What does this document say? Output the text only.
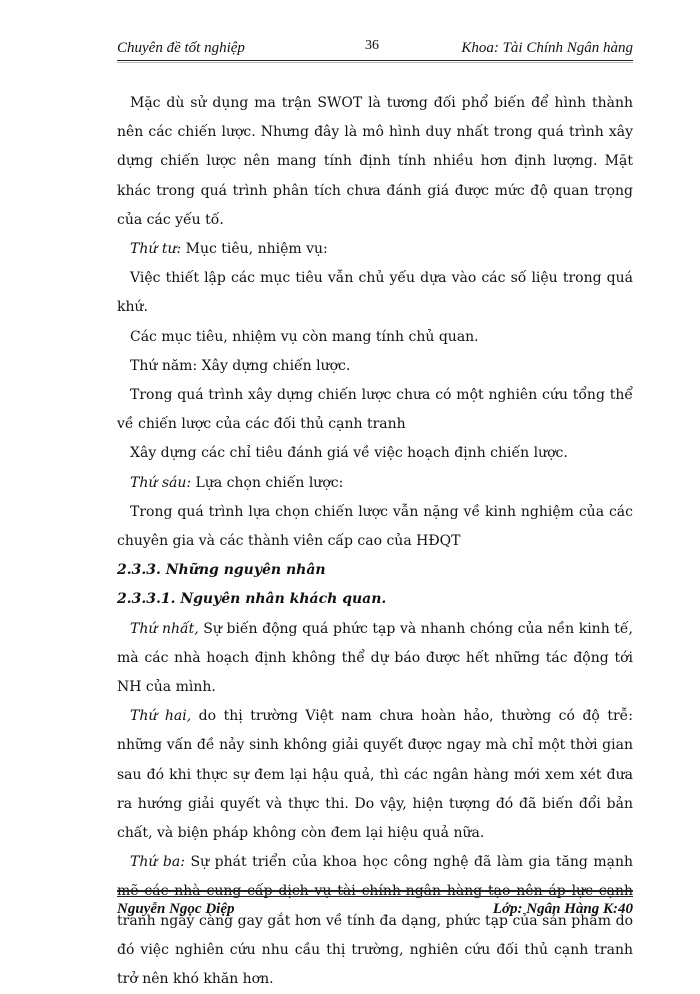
Chuyên đề tốt nghiệp	36	Khoa: Tài Chính Ngân hàng

Mặc dù sử dụng ma trận SWOT là tương đối phổ biến để hình thành nên các chiến lược. Nhưng đây là mô hình duy nhất trong quá trình xây dựng chiến lược nên mang tính định tính nhiều hơn định lượng. Mặt khác trong quá trình phân tích chưa đánh giá được mức độ quan trọng của các yếu tố.

Thứ tư: Mục tiêu, nhiệm vụ:

Việc thiết lập các mục tiêu vẫn chủ yếu dựa vào các số liệu trong quá khứ.

Các mục tiêu, nhiệm vụ còn mang tính chủ quan.

Thứ năm: Xây dựng chiến lược.

Trong quá trình xây dựng chiến lược chưa có một nghiên cứu tổng thể về chiến lược của các đối thủ cạnh tranh

Xây dựng các chỉ tiêu đánh giá về việc hoạch định chiến lược.

Thứ sáu: Lựa chọn chiến lược:

Trong quá trình lựa chọn chiến lược vẫn nặng về kinh nghiệm của các chuyên gia và các thành viên cấp cao của HĐQT

2.3.3. Những nguyên nhân

2.3.3.1. Nguyên nhân khách quan.

Thứ nhất, Sự biến động quá phức tạp và nhanh chóng của nền kinh tế, mà các nhà hoạch định không thể dự báo được hết những tác động tới NH của mình.

Thứ hai, do thị trường Việt nam chưa hoàn hảo, thường có độ trễ: những vấn đề nảy sinh không giải quyết được ngay mà chỉ một thời gian sau đó khi thực sự đem lại hậu quả, thì các ngân hàng mới xem xét đưa ra hướng giải quyết và thực thi. Do vậy, hiện tượng đó đã biến đổi bản chất, và biện pháp không còn đem lại hiệu quả nữa.

Thứ ba: Sự phát triển của khoa học công nghệ đã làm gia tăng mạnh mẽ các nhà cung cấp dịch vụ tài chính-ngân hàng tạo nên áp lực cạnh tranh ngày càng gay gắt hơn về tính đa dạng, phức tạp của sản phẩm do đó việc nghiên cứu nhu cầu thị trường, nghiên cứu đối thủ cạnh tranh trở nên khó khăn hơn.

Nguyễn Ngọc Diệp	Lớp: Ngân Hàng K:40
